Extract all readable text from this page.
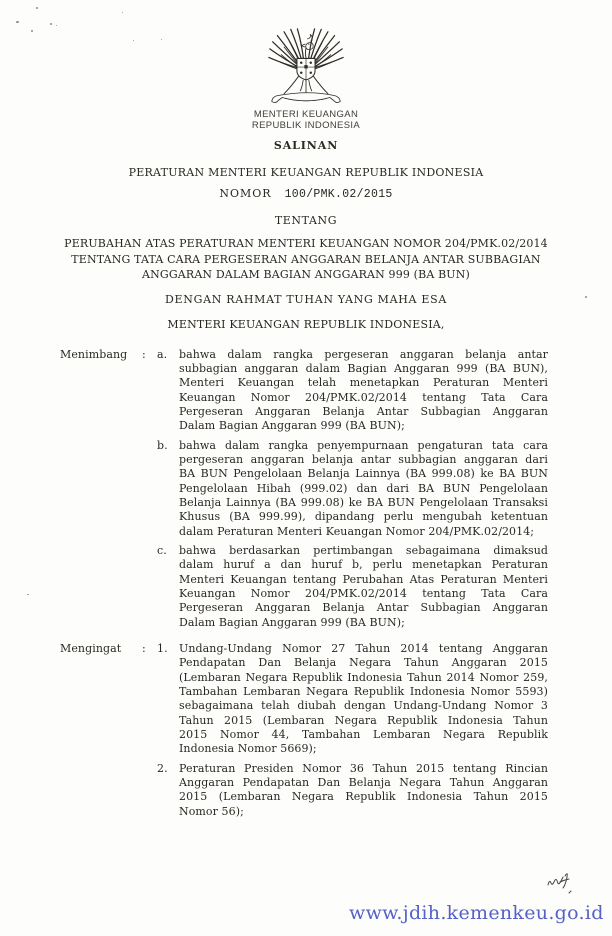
MENTERI KEUANGAN
REPUBLIK INDONESIA
SALINAN
PERATURAN MENTERI KEUANGAN REPUBLIK INDONESIA
NOMOR 100/PMK.02/2015
TENTANG
PERUBAHAN ATAS PERATURAN MENTERI KEUANGAN NOMOR 204/PMK.02/2014
TENTANG TATA CARA PERGESERAN ANGGARAN BELANJA ANTAR SUBBAGIAN
ANGGARAN DALAM BAGIAN ANGGARAN 999 (BA BUN)
DENGAN RAHMAT TUHAN YANG MAHA ESA
MENTERI KEUANGAN REPUBLIK INDONESIA,
Menimbang	:	a.	bahwa dalam rangka pergeseran anggaran belanja antar
subbagian anggaran dalam Bagian Anggaran 999 (BA BUN),
Menteri Keuangan telah menetapkan Peraturan Menteri
Keuangan Nomor 204/PMK.02/2014 tentang Tata Cara
Pergeseran Anggaran Belanja Antar Subbagian Anggaran
Dalam Bagian Anggaran 999 (BA BUN);
b.	bahwa dalam rangka penyempurnaan pengaturan tata cara
pergeseran anggaran belanja antar subbagian anggaran dari
BA BUN Pengelolaan Belanja Lainnya (BA 999.08) ke BA BUN
Pengelolaan Hibah (999.02) dan dari BA BUN Pengelolaan
Belanja Lainnya (BA 999.08) ke BA BUN Pengelolaan Transaksi
Khusus (BA 999.99), dipandang perlu mengubah ketentuan
dalam Peraturan Menteri Keuangan Nomor 204/PMK.02/2014;
c.	bahwa berdasarkan pertimbangan sebagaimana dimaksud
dalam huruf a dan huruf b, perlu menetapkan Peraturan
Menteri Keuangan tentang Perubahan Atas Peraturan Menteri
Keuangan Nomor 204/PMK.02/2014 tentang Tata Cara
Pergeseran Anggaran Belanja Antar Subbagian Anggaran
Dalam Bagian Anggaran 999 (BA BUN);
Mengingat	:	1.	Undang-Undang Nomor 27 Tahun 2014 tentang Anggaran
Pendapatan Dan Belanja Negara Tahun Anggaran 2015
(Lembaran Negara Republik Indonesia Tahun 2014 Nomor 259,
Tambahan Lembaran Negara Republik Indonesia Nomor 5593)
sebagaimana telah diubah dengan Undang-Undang Nomor 3
Tahun 2015 (Lembaran Negara Republik Indonesia Tahun
2015 Nomor 44, Tambahan Lembaran Negara Republik
Indonesia Nomor 5669);
2.	Peraturan Presiden Nomor 36 Tahun 2015 tentang Rincian
Anggaran Pendapatan Dan Belanja Negara Tahun Anggaran
2015 (Lembaran Negara Republik Indonesia Tahun 2015
Nomor 56);
www.jdih.kemenkeu.go.id
